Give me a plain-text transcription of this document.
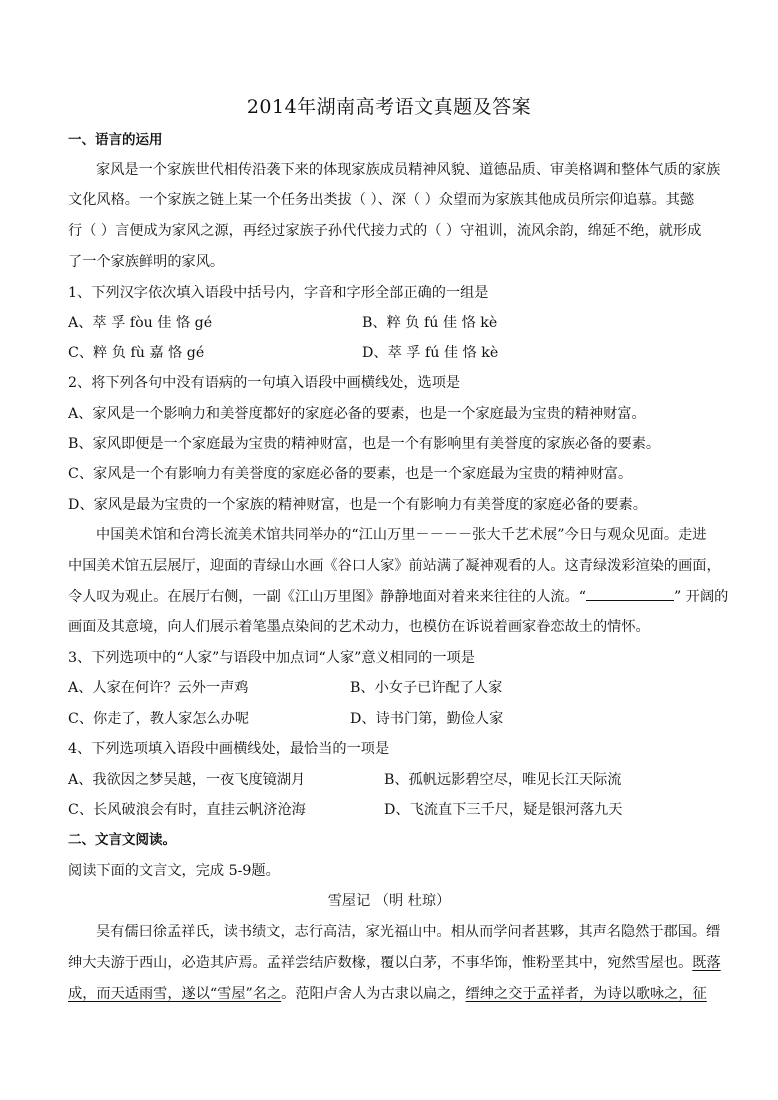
2014年湖南高考语文真题及答案
一、语言的运用
家风是一个家族世代相传沿袭下来的体现家族成员精神风貌、道德品质、审美格调和整体气质的家族
文化风格。一个家族之链上某一个任务出类拔（ ）、深（ ）众望而为家族其他成员所宗仰追慕。其懿
行（ ）言便成为家风之源，再经过家族子孙代代接力式的（ ）守祖训，流风余韵，绵延不绝，就形成
了一个家族鲜明的家风。
1、下列汉字依次填入语段中括号内，字音和字形全部正确的一组是
A、萃 孚 fòu 佳 恪 gé	B、粹 负 fú 佳 恪 kè
C、粹 负 fù 嘉 恪 gé	D、萃 孚 fú 佳 恪 kè
2、将下列各句中没有语病的一句填入语段中画横线处，选项是
A、家风是一个影响力和美誉度都好的家庭必备的要素，也是一个家庭最为宝贵的精神财富。
B、家风即便是一个家庭最为宝贵的精神财富，也是一个有影响里有美誉度的家族必备的要素。
C、家风是一个有影响力有美誉度的家庭必备的要素，也是一个家庭最为宝贵的精神财富。
D、家风是最为宝贵的一个家族的精神财富，也是一个有影响力有美誉度的家庭必备的要素。
中国美术馆和台湾长流美术馆共同举办的“江山万里－－－－张大千艺术展”今日与观众见面。走进
中国美术馆五层展厅，迎面的青绿山水画《谷口人家》前站满了凝神观看的人。这青绿泼彩渲染的画面，
令人叹为观止。在展厅右侧，一副《江山万里图》静静地面对着来来往往的人流。“	” 开阔的
画面及其意境，向人们展示着笔墨点染间的艺术动力，也模仿在诉说着画家眷恋故土的情怀。
3、下列选项中的“人家”与语段中加点词“人家”意义相同的一项是
A、人家在何许？云外一声鸡	B、小女子已许配了人家
C、你走了，教人家怎么办呢	D、诗书门第，勤俭人家
4、下列选项填入语段中画横线处，最恰当的一项是
A、我欲因之梦吴越，一夜飞度镜湖月	B、孤帆远影碧空尽，唯见长江天际流
C、长风破浪会有时，直挂云帆济沧海	D、飞流直下三千尺，疑是银河落九天
二、文言文阅读。
阅读下面的文言文，完成 5-9题。
雪屋记 （明 杜琼）
吴有儒曰徐孟祥氏，读书绩文，志行高洁，家光福山中。相从而学问者甚夥，其声名隐然于郡国。缙
绅大夫游于西山，必造其庐焉。孟祥尝结庐数椽，覆以白茅，不事华饰，惟粉垩其中，宛然雪屋也。既落
成，而天适雨雪，遂以“雪屋”名之。范阳卢舍人为古隶以扁之，缙绅之交于孟祥者，为诗以歌咏之，征
